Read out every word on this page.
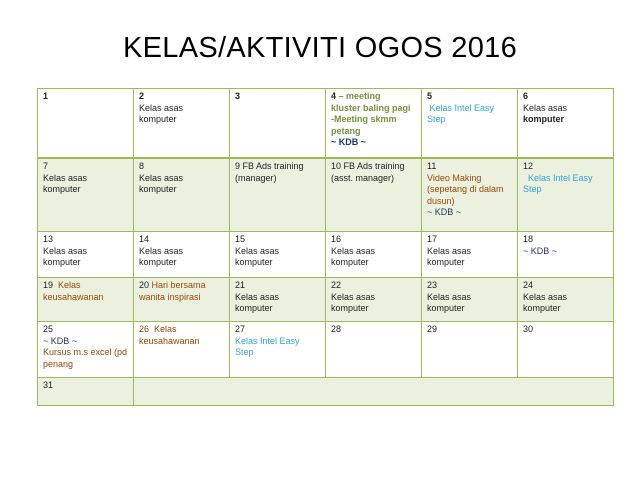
KELAS/AKTIVITI OGOS 2016
1	2
Kelas asas
komputer	3	4 – meeting
kluster baling pagi
-Meeting skmm
petang
~ KDB ~	5
Kelas Intel Easy
Step	6
Kelas asas
komputer

7
Kelas asas
komputer	8
Kelas asas
komputer	9 FB Ads training
(manager)	10 FB Ads training
(asst. manager)	11
Video Making
(sepetang di dalam
dusun)
~ KDB ~	12
Kelas Intel Easy
Step

13
Kelas asas
komputer	14
Kelas asas
komputer	15
Kelas asas
komputer	16
Kelas asas
komputer	17
Kelas asas
komputer	18
~ KDB ~
19  Kelas
keusahawanan	20 Hari bersama
wanita inspirasi	21
Kelas asas
komputer	22
Kelas asas
komputer	23
Kelas asas
komputer	24
Kelas asas
komputer

25
~ KDB ~
Kursus m.s excel (pd
penang	26  Kelas
keusahawanan	27
Kelas Intel Easy
Step	28	29	30
31					
